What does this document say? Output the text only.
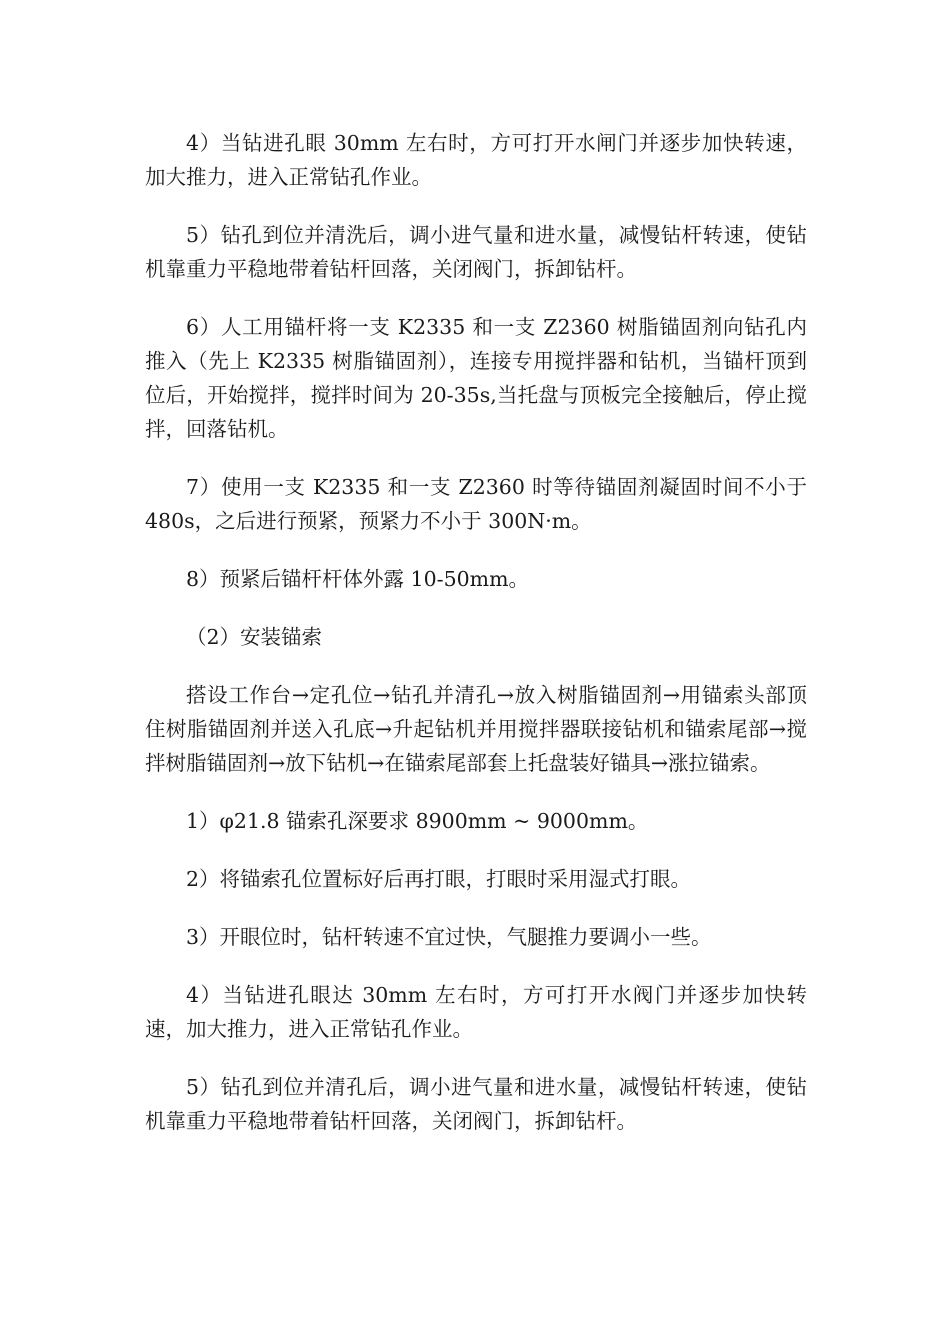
4）当钻进孔眼 30mm 左右时，方可打开水闸门并逐步加快转速，加大推力，进入正常钻孔作业。

5）钻孔到位并清洗后，调小进气量和进水量，减慢钻杆转速，使钻机靠重力平稳地带着钻杆回落，关闭阀门，拆卸钻杆。

6）人工用锚杆将一支 K2335 和一支 Z2360 树脂锚固剂向钻孔内推入（先上 K2335 树脂锚固剂），连接专用搅拌器和钻机，当锚杆顶到位后，开始搅拌，搅拌时间为 20-35s,当托盘与顶板完全接触后，停止搅拌，回落钻机。

7）使用一支 K2335 和一支 Z2360 时等待锚固剂凝固时间不小于 480s，之后进行预紧，预紧力不小于 300N·m。

8）预紧后锚杆杆体外露 10-50mm。

（2）安装锚索

搭设工作台→定孔位→钻孔并清孔→放入树脂锚固剂→用锚索头部顶住树脂锚固剂并送入孔底→升起钻机并用搅拌器联接钻机和锚索尾部→搅拌树脂锚固剂→放下钻机→在锚索尾部套上托盘装好锚具→涨拉锚索。

1）φ21.8 锚索孔深要求 8900mm ~ 9000mm。

2）将锚索孔位置标好后再打眼，打眼时采用湿式打眼。

3）开眼位时，钻杆转速不宜过快，气腿推力要调小一些。

4）当钻进孔眼达 30mm 左右时，方可打开水阀门并逐步加快转速，加大推力，进入正常钻孔作业。

5）钻孔到位并清孔后，调小进气量和进水量，减慢钻杆转速，使钻机靠重力平稳地带着钻杆回落，关闭阀门，拆卸钻杆。
